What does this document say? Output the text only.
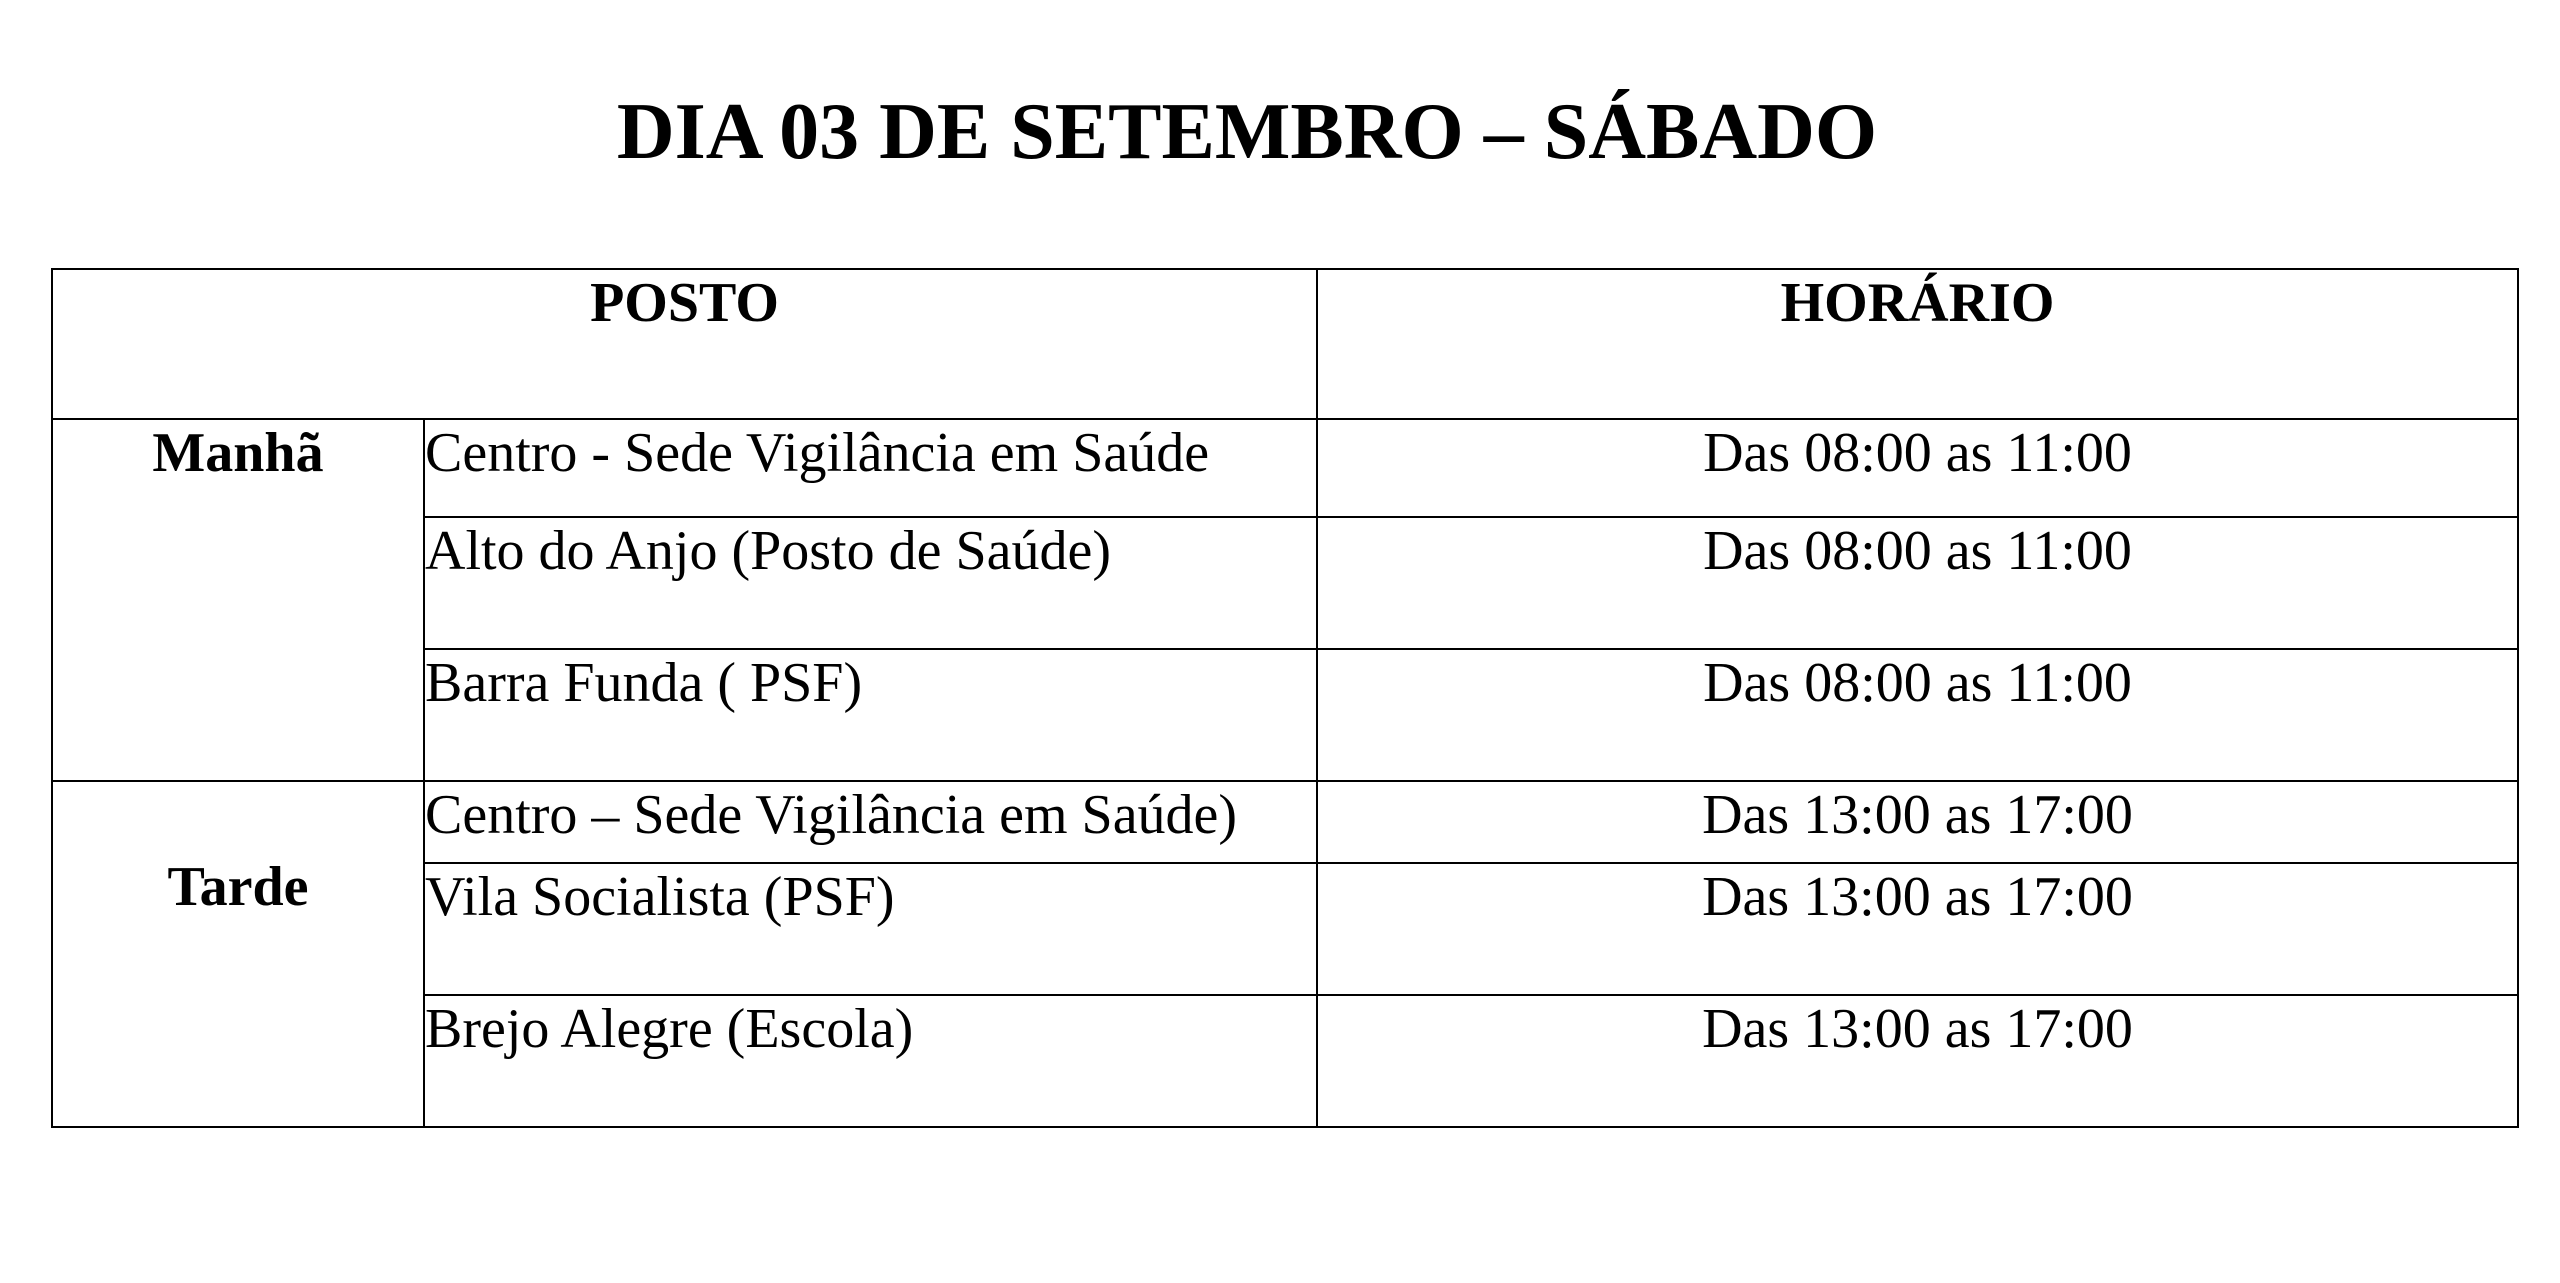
DIA 03 DE SETEMBRO – SÁBADO
POSTO		HORÁRIO
Manhã	Centro - Sede Vigilância em Saúde	Das 08:00 as 11:00
	Alto do Anjo (Posto de Saúde)	Das 08:00 as 11:00
	Barra Funda ( PSF)	Das 08:00 as 11:00

Tarde	Centro – Sede Vigilância em Saúde)	Das 13:00 as 17:00
	Vila Socialista (PSF)	Das 13:00 as 17:00
	Brejo Alegre (Escola)	Das 13:00 as 17:00
